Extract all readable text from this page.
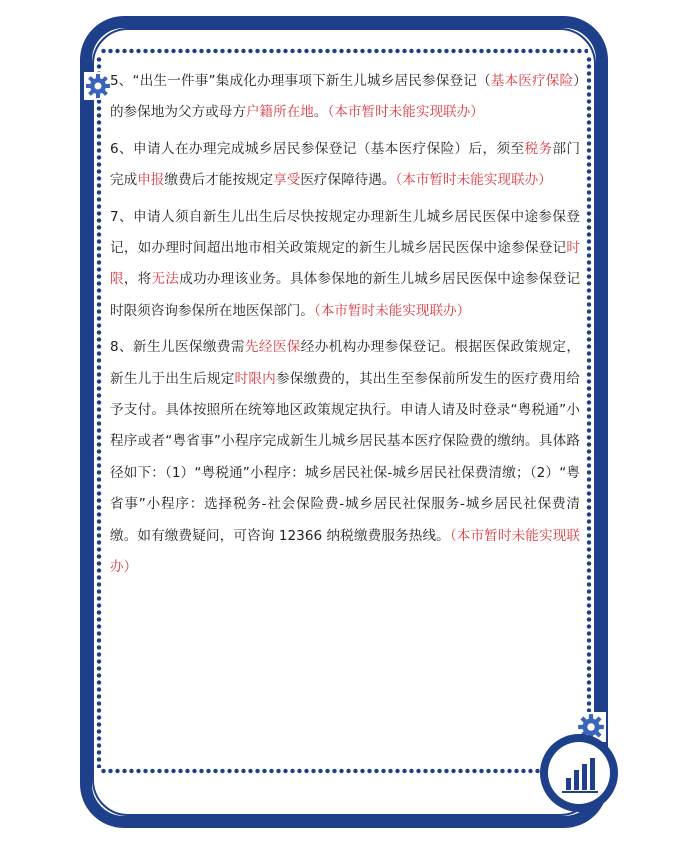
5、“出生一件事”集成化办理事项下新生儿城乡居民参保登记（基本医疗保险）的参保地为父方或母方户籍所在地。（本市暂时未能实现联办）

6、申请人在办理完成城乡居民参保登记（基本医疗保险）后，须至税务部门完成申报缴费后才能按规定享受医疗保障待遇。（本市暂时未能实现联办）

7、申请人须自新生儿出生后尽快按规定办理新生儿城乡居民医保中途参保登记，如办理时间超出地市相关政策规定的新生儿城乡居民医保中途参保登记时限，将无法成功办理该业务。具体参保地的新生儿城乡居民医保中途参保登记时限须咨询参保所在地医保部门。（本市暂时未能实现联办）

8、新生儿医保缴费需先经医保经办机构办理参保登记。根据医保政策规定，新生儿于出生后规定时限内参保缴费的，其出生至参保前所发生的医疗费用给予支付。具体按照所在统筹地区政策规定执行。申请人请及时登录“粤税通”小程序或者“粤省事”小程序完成新生儿城乡居民基本医疗保险费的缴纳。具体路径如下：（1）“粤税通”小程序：城乡居民社保-城乡居民社保费清缴；（2）“粤省事”小程序：选择税务-社会保险费-城乡居民社保服务-城乡居民社保费清缴。如有缴费疑问，可咨询 12366 纳税缴费服务热线。（本市暂时未能实现联办）
